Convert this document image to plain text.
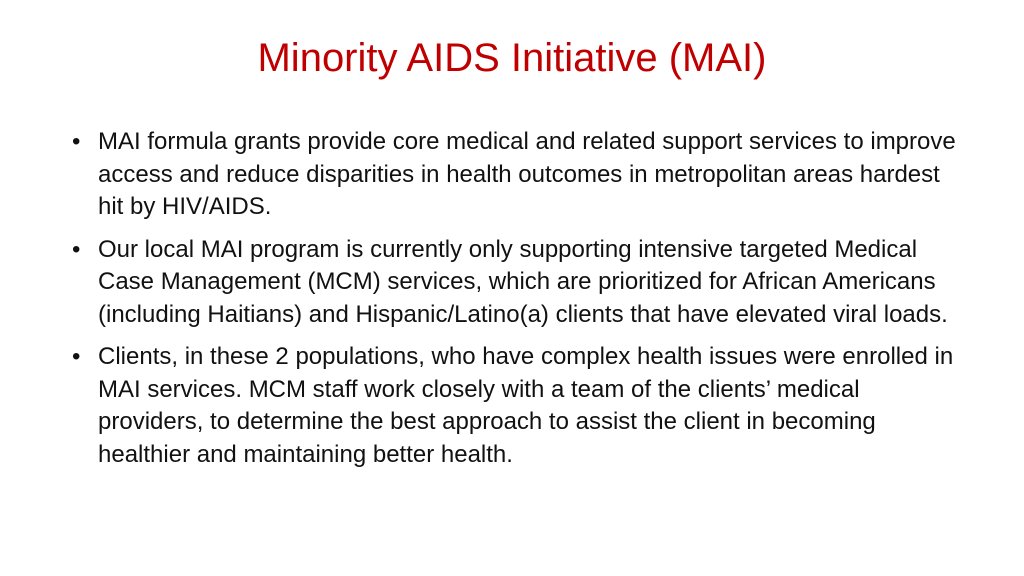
Minority AIDS Initiative (MAI)
• MAI formula grants provide core medical and related support services to improve access and reduce disparities in health outcomes in metropolitan areas hardest hit by HIV/AIDS.
• Our local MAI program is currently only supporting intensive targeted Medical Case Management (MCM) services, which are prioritized for African Americans (including Haitians) and Hispanic/Latino(a) clients that have elevated viral loads.
• Clients, in these 2 populations, who have complex health issues were enrolled in MAI services. MCM staff work closely with a team of the clients’ medical providers, to determine the best approach to assist the client in becoming healthier and maintaining better health.
